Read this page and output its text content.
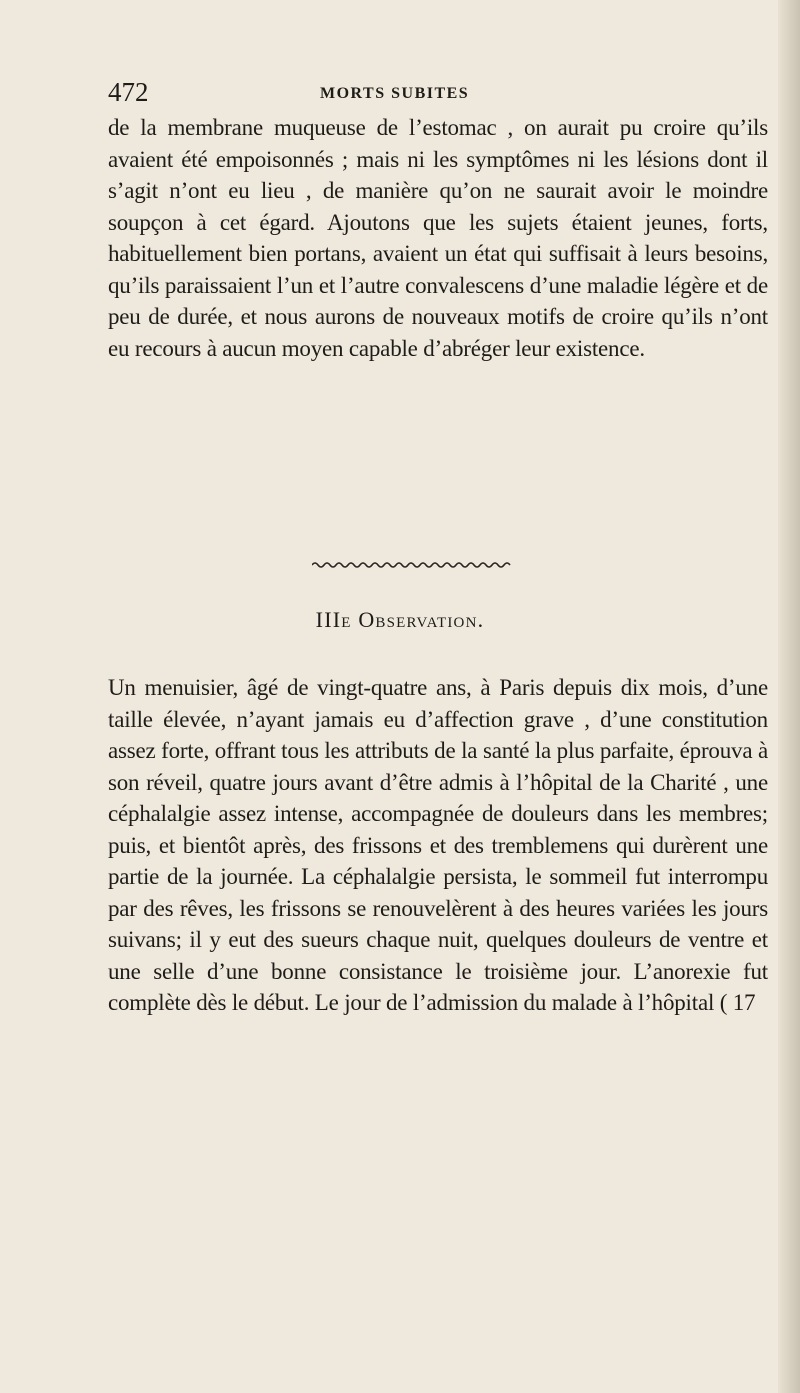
472	MORTS SUBITES
de la membrane muqueuse de l’estomac , on aurait pu croire qu’ils avaient été empoisonnés ; mais ni les symptômes ni les lésions dont il s’agit n’ont eu lieu , de manière qu’on ne saurait avoir le moindre soupçon à cet égard. Ajoutons que les sujets étaient jeunes, forts, habituellement bien portans, avaient un état qui suffisait à leurs besoins, qu’ils paraissaient l’un et l’autre convalescens d’une maladie légère et de peu de durée, et nous aurons de nouveaux motifs de croire qu’ils n’ont eu recours à aucun moyen capable d’abréger leur existence.
IIIe Observation.
Un menuisier, âgé de vingt-quatre ans, à Paris depuis dix mois, d’une taille élevée, n’ayant jamais eu d’affection grave , d’une constitution assez forte, offrant tous les attributs de la santé la plus parfaite, éprouva à son réveil, quatre jours avant d’être admis à l’hôpital de la Charité , une céphalalgie assez intense, accompagnée de douleurs dans les membres; puis, et bientôt après, des frissons et des tremblemens qui durèrent une partie de la journée. La céphalalgie persista, le sommeil fut interrompu par des rêves, les frissons se renouvelèrent à des heures variées les jours suivans; il y eut des sueurs chaque nuit, quelques douleurs de ventre et une selle d’une bonne consistance le troisième jour. L’anorexie fut complète dès le début. Le jour de l’admission du malade à l’hôpital ( 17
